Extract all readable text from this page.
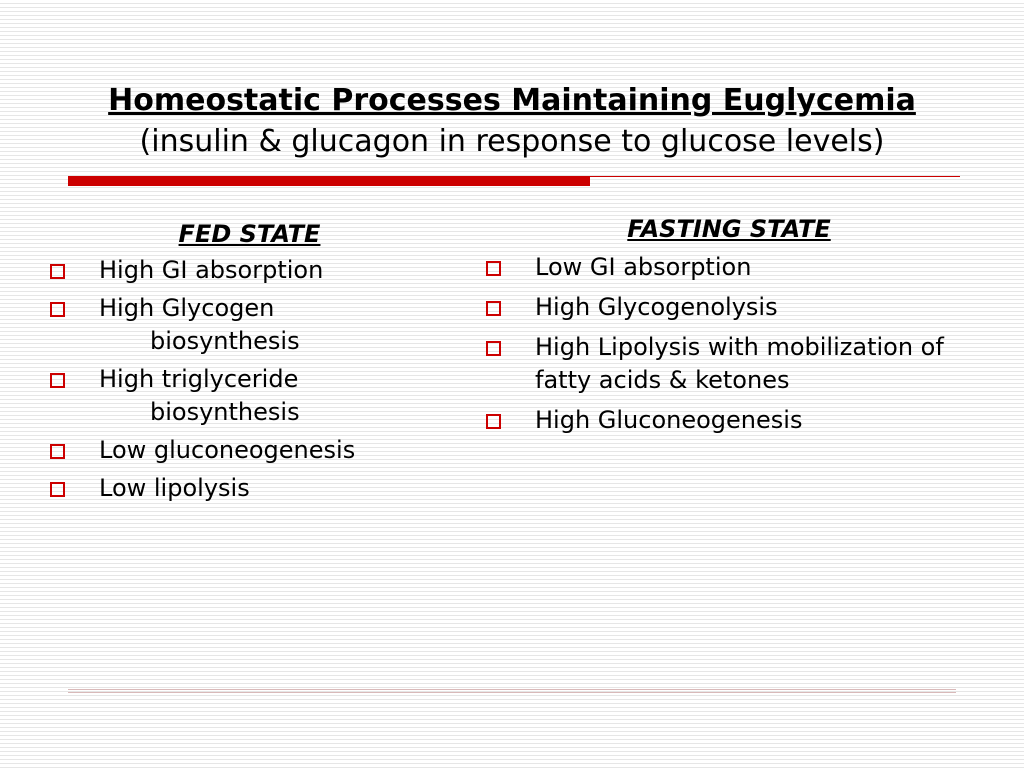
Homeostatic Processes Maintaining Euglycemia
(insulin & glucagon in response to glucose levels)
FED STATE
High GI absorption
High Glycogen
biosynthesis
High triglyceride
biosynthesis
Low gluconeogenesis
Low lipolysis
FASTING STATE
Low GI absorption
High Glycogenolysis
High Lipolysis with mobilization of fatty acids & ketones
High Gluconeogenesis
